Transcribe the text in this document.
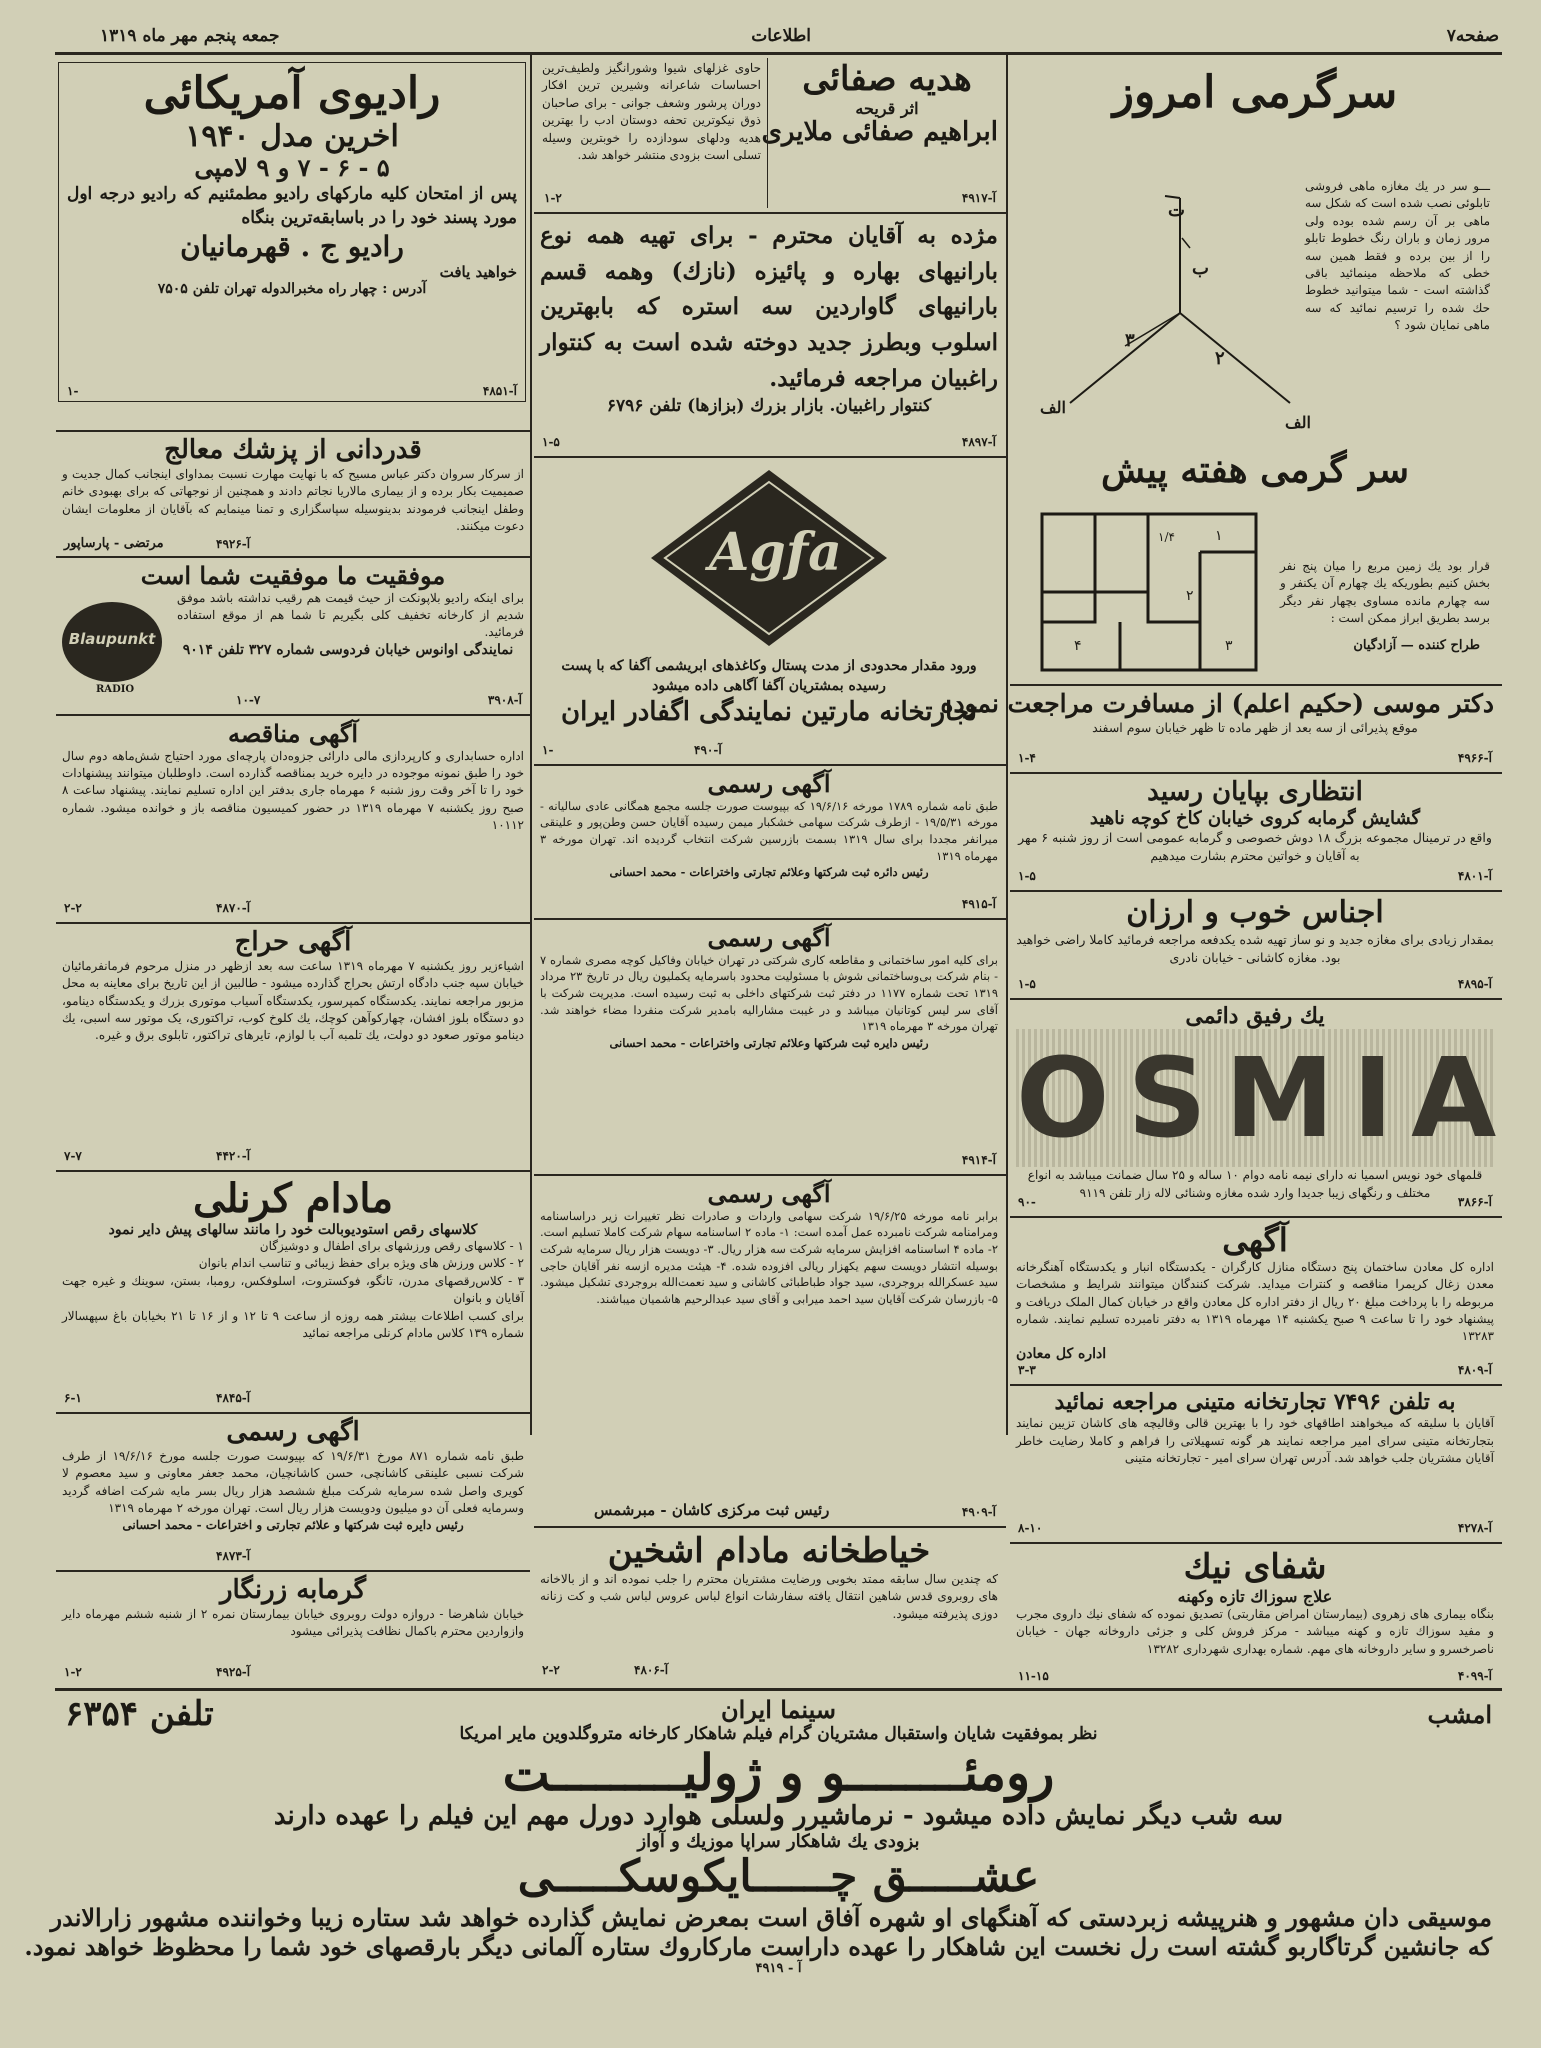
صفحه۷
اطلاعات
جمعه پنجم مهر ماه ۱۳۱۹
سرگرمی امروز
ـــو سر در یك مغازه ماهی فروشی تابلوئی نصب شده است که شکل سه ماهی بر آن رسم شده بوده ولی مرور زمان و باران رنگ خطوط تابلو را از بین برده و فقط همین سه خطی که ملاحظه مینمائید باقی گذاشته است - شما میتوانید خطوط حك شده را ترسیم نمائید که سه ماهی نمایان شود ؟
ت
ب
۳
۲
الف
الف
سر گرمی هفته پیش
قرار بود یك زمین مربع را میان پنج نفر بخش کنیم بطوریکه یك چهارم آن یکنفر و سه چهارم مانده مساوی بچهار نفر دیگر برسد بطریق ابراز ممکن است :
طراح کننده — آزادگیان
۱/۴	۱
۲
۳
۴
دکتر موسی (حکیم اعلم) از مسافرت مراجعت نموده
موقع پذیرائی از سه بعد از ظهر ماده تا ظهر خیابان سوم اسفند
آ-۴۹۶۶
۱-۴
انتظاری بپایان رسید
گشایش گرمابه کروی خیابان کاخ کوچه ناهید
واقع در ترمینال مجموعه بزرگ ۱۸ دوش خصوصی و گرمابه عمومی است از روز شنبه ۶ مهر به آقایان و خواتین محترم بشارت میدهیم
آ-۴۸۰۱
۱-۵
اجناس خوب و ارزان
بمقدار زیادی برای مغازه جدید و نو ساز تهیه شده یکدفعه مراجعه فرمائید کاملا راضی خواهید بود. مغازه کاشانی - خیابان نادری
آ-۴۸۹۵
۱-۵
یك رفیق دائمی
OSMIA
قلمهای خود نویس اسمیا نه دارای نیمه نامه دوام ۱۰ ساله و ۲۵ سال ضمانت میباشد به انواع مختلف و رنگهای زیبا جدیدا وارد شده مغازه وشنائی لاله زار تلفن ۹۱۱۹
آ-۳۸۶۶
۹۰-
آگهی
اداره کل معادن ساختمان پنج دستگاه منازل کارگران - یکدستگاه انبار و یکدستگاه آهنگرخانه معدن زغال کریمرا مناقصه و کنترات میداید. شرکت کنندگان میتوانند شرایط و مشخصات مربوطه را با پرداخت مبلغ ۲۰ ریال از دفتر اداره کل معادن واقع در خیابان کمال الملک دریافت و پیشنهاد خود را تا ساعت ۹ صبح یکشنبه ۱۴ مهرماه ۱۳۱۹ به دفتر نامبرده تسلیم نمایند. شماره ۱۳۲۸۳
اداره کل معادن
آ-۴۸۰۹
۳-۳
به تلفن ۷۴۹۶ تجارتخانه متینی مراجعه نمائید
آقایان با سلیقه که میخواهند اطاقهای خود را با بهترین قالی وقالیچه های کاشان تزیین نمایند بتجارتخانه متینی سرای امیر مراجعه نمایند هر گونه تسهیلاتی را فراهم و کاملا رضایت خاطر آقایان مشتریان جلب خواهد شد. آدرس تهران سرای امیر - تجارتخانه متینی
آ-۴۲۷۸
۸-۱۰
شفای نیك
علاج سوزاك تازه وکهنه
بنگاه بیماری های زهروی (بیمارستان امراض مقاربتی) تصدیق نموده که شفای نیك داروی مجرب و مفید سوزاك تازه و کهنه میباشد - مرکز فروش کلی و جزئی داروخانه جهان - خیابان ناصرخسرو و سایر داروخانه های مهم. شماره بهداری شهرداری ۱۳۲۸۲
آ-۴۰۹۹
۱۱-۱۵
هدیه صفائی
اثر قریحه
ابراهیم صفائی ملایری
آ-۴۹۱۷
حاوی غزلهای شیوا وشورانگیز ولطیف‌ترین احساسات شاعرانه وشیرین ترین افکار دوران پرشور وشعف جوانی - برای صاحبان ذوق نیکوترین تحفه دوستان ادب را بهترین هدیه ودلهای سودازده را خوبترین وسیله تسلی است بزودی منتشر خواهد شد.
۱-۲
مژده به آقایان محترم - برای تهیه همه نوع بارانیهای بهاره و پائیزه (نازك) وهمه قسم بارانیهای گاواردین سه استره که بابهترین اسلوب وبطرز جدید دوخته شده است به کنتوار راغبیان مراجعه فرمائید.
کنتوار راغبیان. بازار بزرك (بزازها) تلفن ۶۷۹۶
آ-۴۸۹۷
۱-۵
Agfa
ورود مقدار محدودی از مدت پستال وکاغذهای ابریشمی آگفا که با پست رسیده بمشتریان آگفا آگاهی داده میشود
تجارتخانه مارتین نمایندگی اگفادر ایران
آ-۴۹۰
۱-
آگهی رسمی
طبق نامه شماره ۱۷۸۹ مورخه ۱۹/۶/۱۶ که بپیوست صورت جلسه مجمع همگانی عادی سالیانه - مورخه ۱۹/۵/۳۱ - ازطرف شرکت سهامی خشکبار میمن رسیده آقایان حسن وطن‌پور و علینقی میرانفر مجددا برای سال ۱۳۱۹ بسمت بازرسین شرکت انتخاب گردیده اند. تهران مورخه ۳ مهرماه ۱۳۱۹
رئیس دائره ثبت شرکتها وعلائم تجارتی واختراعات - محمد احسانی
آ-۴۹۱۵
آگهی رسمی
برای کلیه امور ساختمانی و مقاطعه کاری شرکتی در تهران خیابان وفاکیل کوچه مصری شماره ۷ - بنام شرکت بی‌وساختمانی شوش با مسئولیت محدود باسرمایه یکملیون ریال در تاریخ ۲۳ مرداد ۱۳۱۹ تحت شماره ۱۱۷۷ در دفتر ثبت شرکتهای داخلی به ثبت رسیده است. مدیریت شرکت با آقای سر لیس کوتانیان میباشد و در غیبت مشارالیه بامدیر شرکت منفردا مضاء خواهند شد. تهران مورخه ۳ مهرماه ۱۳۱۹
رئیس دایره ثبت شرکتها وعلائم تجارتی واختراعات - محمد احسانی
آ-۴۹۱۴
آگهی رسمی
برابر نامه مورخه ۱۹/۶/۲۵ شرکت سهامی واردات و صادرات نظر تغییرات زیر دراساسنامه ومرامنامه شرکت نامبرده عمل آمده است: ۱- ماده ۲ اساسنامه سهام شرکت کاملا تسلیم است. ۲- ماده ۴ اساسنامه افزایش سرمایه شرکت سه هزار ریال. ۳- دویست هزار ریال سرمایه شرکت بوسیله انتشار دویست سهم یکهزار ریالی افزوده شده. ۴- هیئت مدیره ازسه نفر آقایان حاجی سید عسکرالله بروجردی، سید جواد طباطبائی کاشانی و سید نعمت‌الله بروجردی تشکیل میشود. ۵- بازرسان شرکت آقایان سید احمد میرابی و آقای سید عبدالرحیم هاشمیان میباشند.
رئیس ثبت مرکزی کاشان - مبرشمس	آ-۴۹۰۹
خیاطخانه مادام اشخین
که چندین سال سابقه ممتد بخوبی ورضایت مشتریان محترم را جلب نموده اند و از بالاخانه های روبروی قدس شاهین انتقال یافته سفارشات انواع لباس عروس لباس شب و کت زنانه دوزی پذیرفته میشود.
آ-۴۸۰۶
۲-۲
رادیوی آمریکائی
اخرین مدل ۱۹۴۰
۵ - ۶ - ۷ و ۹ لامپی
پس از امتحان کلیه مارکهای رادیو مطمئنیم که رادیو درجه اول مورد پسند خود را در باسابقه‌ترین بنگاه
رادیو ج . قهرمانیان
خواهید یافت
آدرس : چهار راه مخبرالدوله تهران تلفن ۷۵۰۵
آ-۴۸۵۱
۱-
قدردانی از پزشك معالج
از سرکار سروان دکتر عباس مسیح که با نهایت مهارت نسبت بمداوای اینجانب کمال جدیت و صمیمیت بکار برده و از بیماری مالاریا نجاتم دادند و همچنین از نوجهاتی که برای بهبودی خانم وطفل اینجانب فرمودند بدینوسیله سپاسگزاری و تمنا مینمایم که بآقایان از معلومات ایشان دعوت میکنند.
مرتضی - پارساپور	آ-۴۹۲۶
موفقیت ما موفقیت شما است
Blaupunkt
RADIO
برای اینکه رادیو بلاپونکت از حیث قیمت هم رقیب نداشته باشد موفق شدیم از کارخانه تخفیف کلی بگیریم تا شما هم از موقع استفاده فرمائید.
نمایندگی اوانوس خیابان فردوسی شماره ۳۲۷ تلفن ۹۰۱۴
آ-۳۹۰۸
۱۰-۷
آگهی مناقصه
اداره حسابداری و کارپردازی مالی دارائی جزوه‌دان پارچه‌ای مورد احتیاج شش‌ماهه دوم سال خود را طبق نمونه موجوده در دایره خرید بمناقصه گذارده است. داوطلبان میتوانند پیشنهادات خود را تا آخر وقت روز شنبه ۶ مهرماه جاری بدفتر این اداره تسلیم نمایند. پیشنهاد ساعت ۸ صبح روز یکشنبه ۷ مهرماه ۱۳۱۹ در حضور کمیسیون مناقصه باز و خوانده میشود. شماره ۱۰۱۱۲
آ-۴۸۷۰
۲-۲
آگهی حراج
اشیاءزیر روز یکشنبه ۷ مهرماه ۱۳۱۹ ساعت سه بعد ازظهر در منزل مرحوم فرمانفرمائیان خیابان سپه جنب دادگاه ارتش بحراج گذارده میشود - طالبین از این تاریخ برای معاینه به محل مزبور مراجعه نمایند. یکدستگاه کمپرسور، یکدستگاه آسیاب موتوری بزرك و یکدستگاه دینامو، دو دستگاه بلوز افشان، چهارکوآهن کوچك، یك کلوخ کوب، تراکتوری، یک موتور سه اسبی، یك دینامو موتور صعود دو دولت، یك تلمبه آب با لوازم، تایرهای تراکتور، تابلوی برق و غیره.
آ-۴۴۲۰
۷-۷
مادام کرنلی
کلاسهای رقص استودیوبالت خود را مانند سالهای پیش دایر نمود
۱ - کلاسهای رقص ورزشهای برای اطفال و دوشیزگان
۲ - کلاس ورزش های ویژه برای حفظ زیبائی و تناسب اندام بانوان
۳ - کلاس‌رقصهای مدرن، تانگو، فوکستروت، اسلوفکس، رومبا، بستن، سوینك و غیره جهت آقایان و بانوان
برای کسب اطلاعات بیشتر همه روزه از ساعت ۹ تا ۱۲ و از ۱۶ تا ۲۱ بخیابان باغ سپهسالار شماره ۱۳۹ کلاس مادام کرنلی مراجعه نمائید
آ-۴۸۴۵
۶-۱
اگهی رسمی
طبق نامه شماره ۸۷۱ مورخ ۱۹/۶/۳۱ که بپیوست صورت جلسه مورخ ۱۹/۶/۱۶ از طرف شرکت نسبی علینقی کاشانچی، حسن کاشانچیان، محمد جعفر معاونی و سید معصوم لا کویری واصل شده سرمایه شرکت مبلغ ششصد هزار ریال بسر مایه شرکت اضافه گردید وسرمایه فعلی آن دو میلیون ودویست هزار ریال است. تهران مورخه ۲ مهرماه ۱۳۱۹
رئیس دایره ثبت شرکتها و علائم تجارتی و اختراعات - محمد احسانی
آ-۴۸۷۳
گرمابه زرنگار
خیابان شاهرضا - دروازه دولت روبروی خیابان بیمارستان نمره ۲ از شنبه ششم مهرماه دایر وازواردین محترم باکمال نظافت پذیرائی میشود
آ-۴۹۲۵
۱-۲
امشب
تلفن ۶۳۵۴	سینما ایران
نظر بموفقیت شایان واستقبال مشتریان گرام فیلم شاهکار کارخانه متروگلدوین مایر امریکا
رومئــــــــو و ژولیـــــــــت
سه شب دیگر نمایش داده میشود - نرماشیرر ولسلی هوارد دورل مهم این فیلم را عهده دارند
بزودی یك شاهکار سراپا موزیك و آواز
عشـــــق چــــــایکوسکـــــی
موسیقی دان مشهور و هنرپیشه زبردستی که آهنگهای او شهره آفاق است بمعرض نمایش گذارده خواهد شد ستاره زیبا وخواننده مشهور زارالاندر
که جانشین گرتاگاربو گشته است رل نخست این شاهکار را عهده داراست مارکاروك ستاره آلمانی دیگر بارقصهای خود شما را محظوظ خواهد نمود.
آ - ۴۹۱۹
